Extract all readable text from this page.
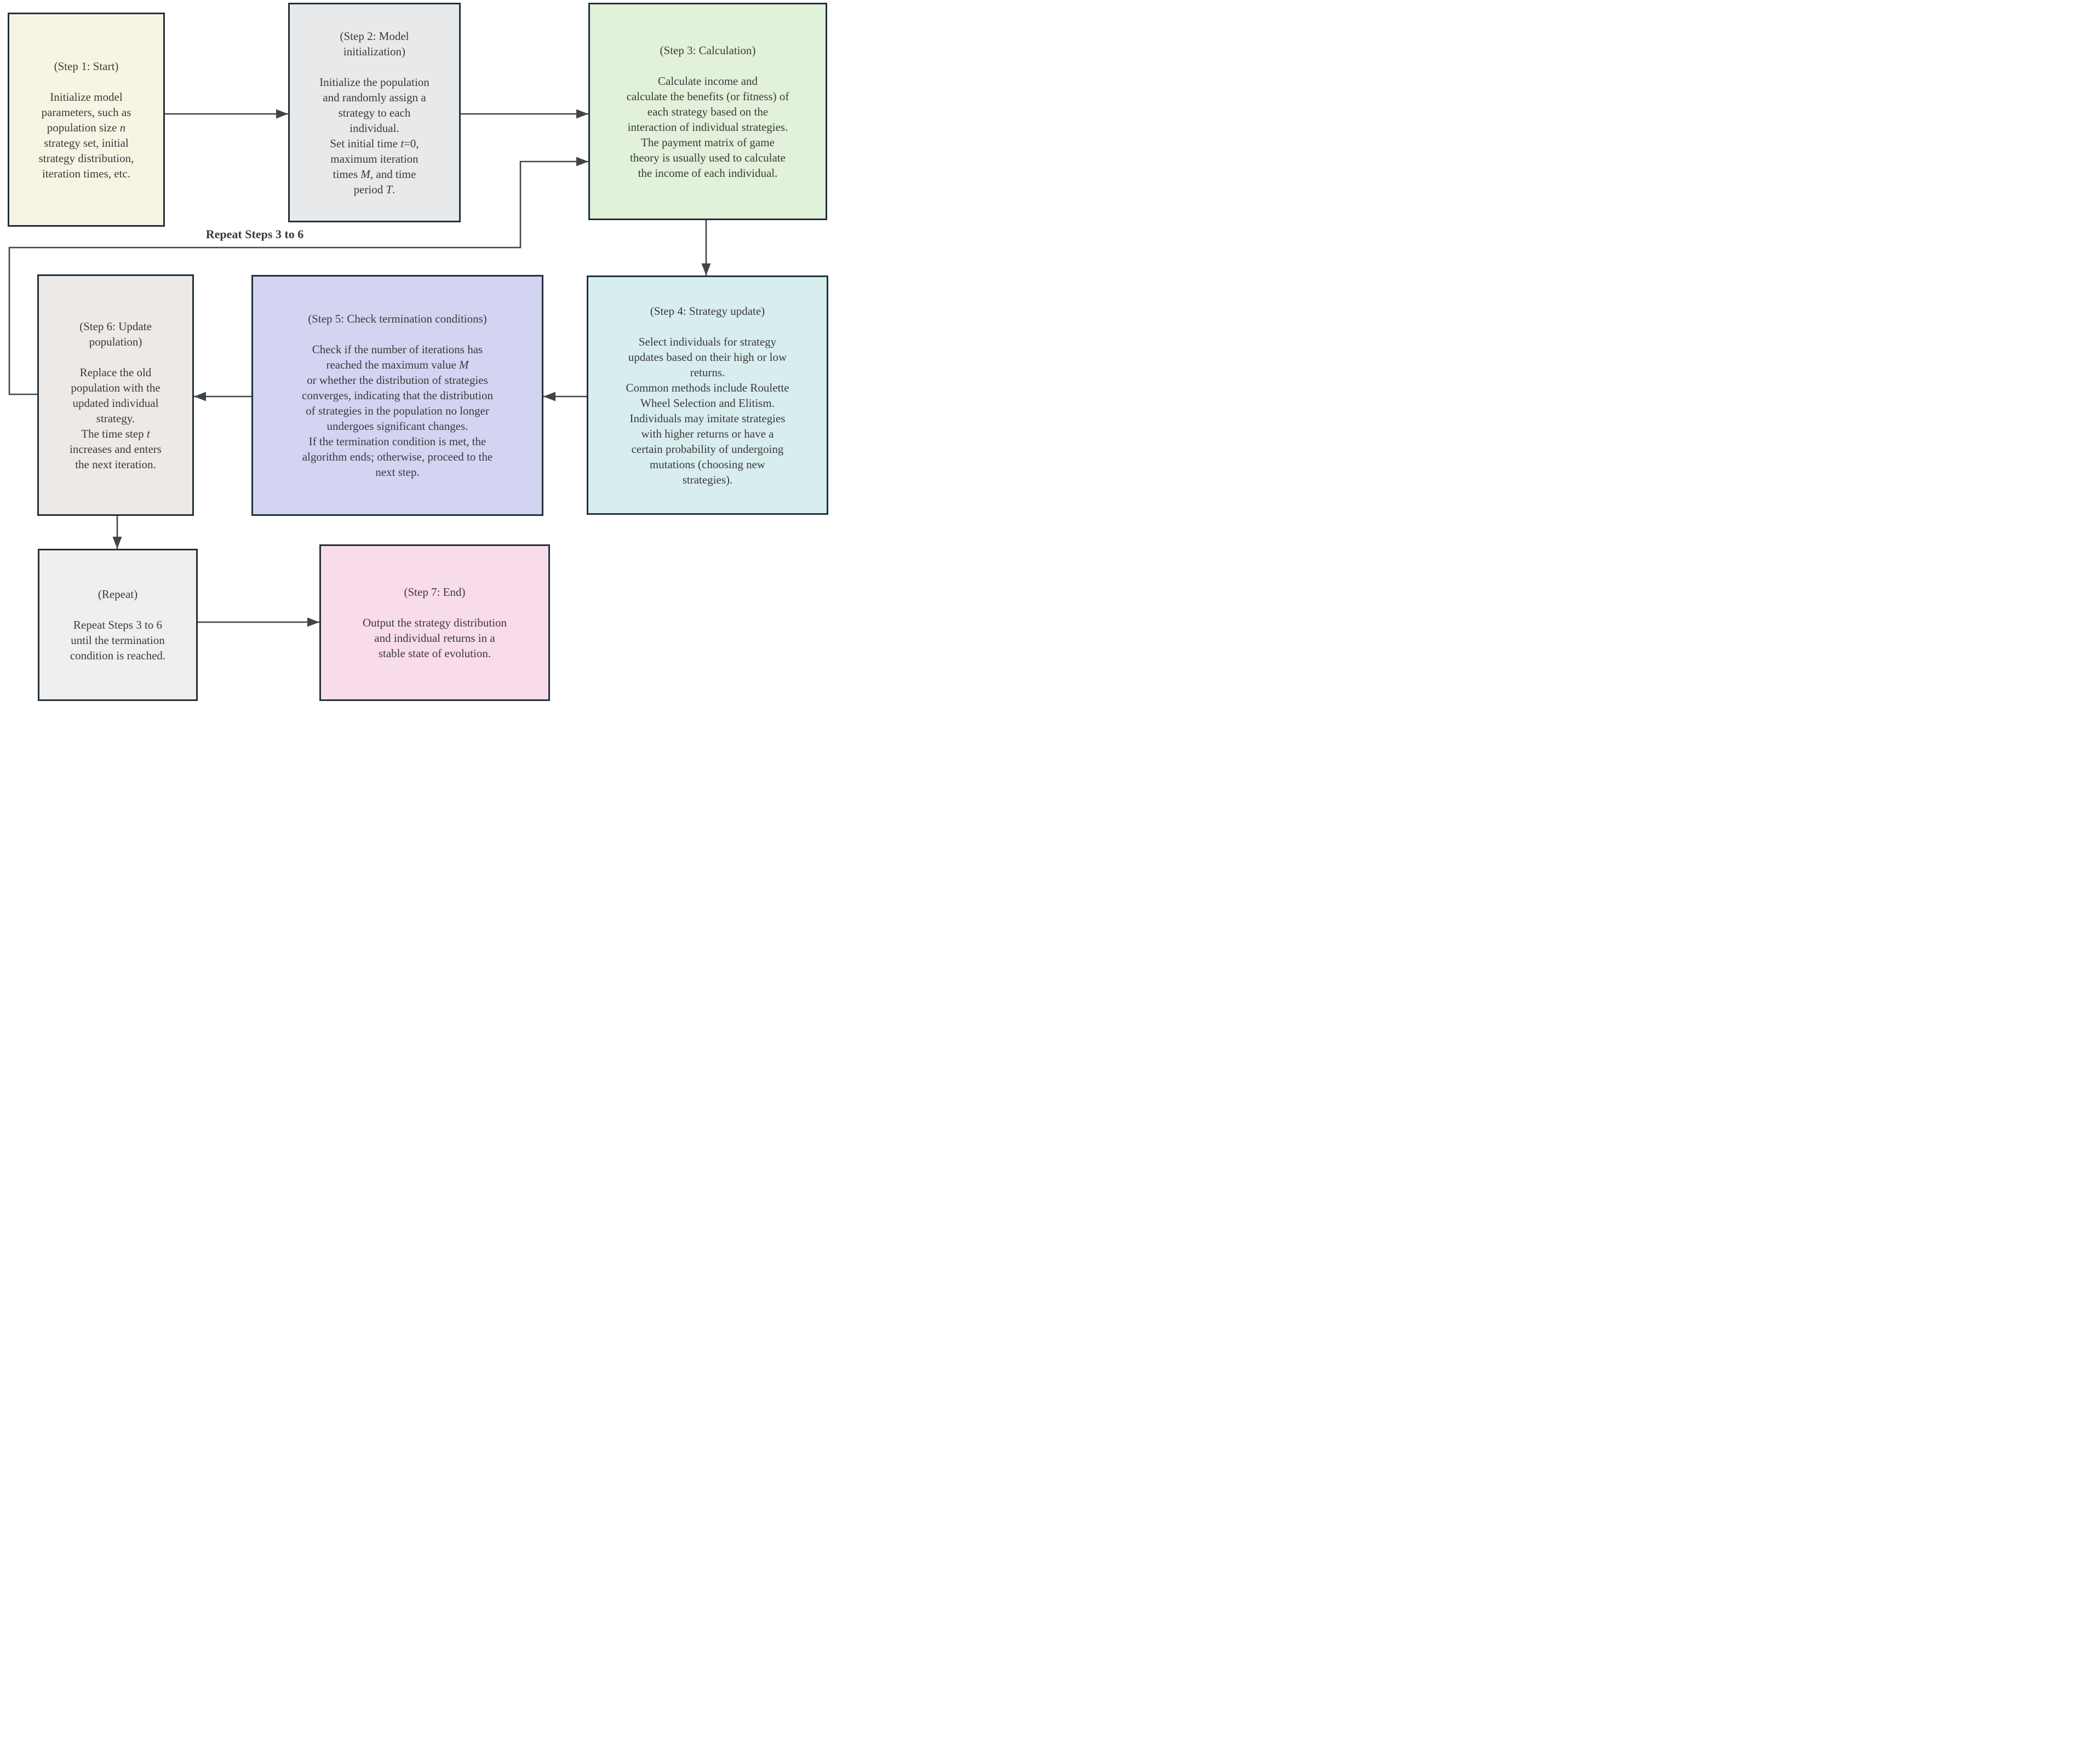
Repeat Steps 3 to 6
(Step 1: Start)
Initialize model
parameters, such as
population size n
strategy set, initial
strategy distribution,
iteration times, etc.
(Step 2: Model
initialization)
Initialize the population
and randomly assign a
strategy to each
individual.
Set initial time t=0,
maximum iteration
times M, and time
period T.
(Step 3: Calculation)
Calculate income and
calculate the benefits (or fitness) of
each strategy based on the
interaction of individual strategies.
The payment matrix of game
theory is usually used to calculate
the income of each individual.
(Step 4: Strategy update)
Select individuals for strategy
updates based on their high or low
returns.
Common methods include Roulette
Wheel Selection and Elitism.
Individuals may imitate strategies
with higher returns or have a
certain probability of undergoing
mutations (choosing new
strategies).
(Step 5: Check termination conditions)
Check if the number of iterations has
reached the maximum value M
or whether the distribution of strategies
converges, indicating that the distribution
of strategies in the population no longer
undergoes significant changes.
If the termination condition is met, the
algorithm ends; otherwise, proceed to the
next step.
(Step 6: Update
population)
Replace the old
population with the
updated individual
strategy.
The time step t
increases and enters
the next iteration.
(Repeat)
Repeat Steps 3 to 6
until the termination
condition is reached.
(Step 7: End)
Output the strategy distribution
and individual returns in a
stable state of evolution.
